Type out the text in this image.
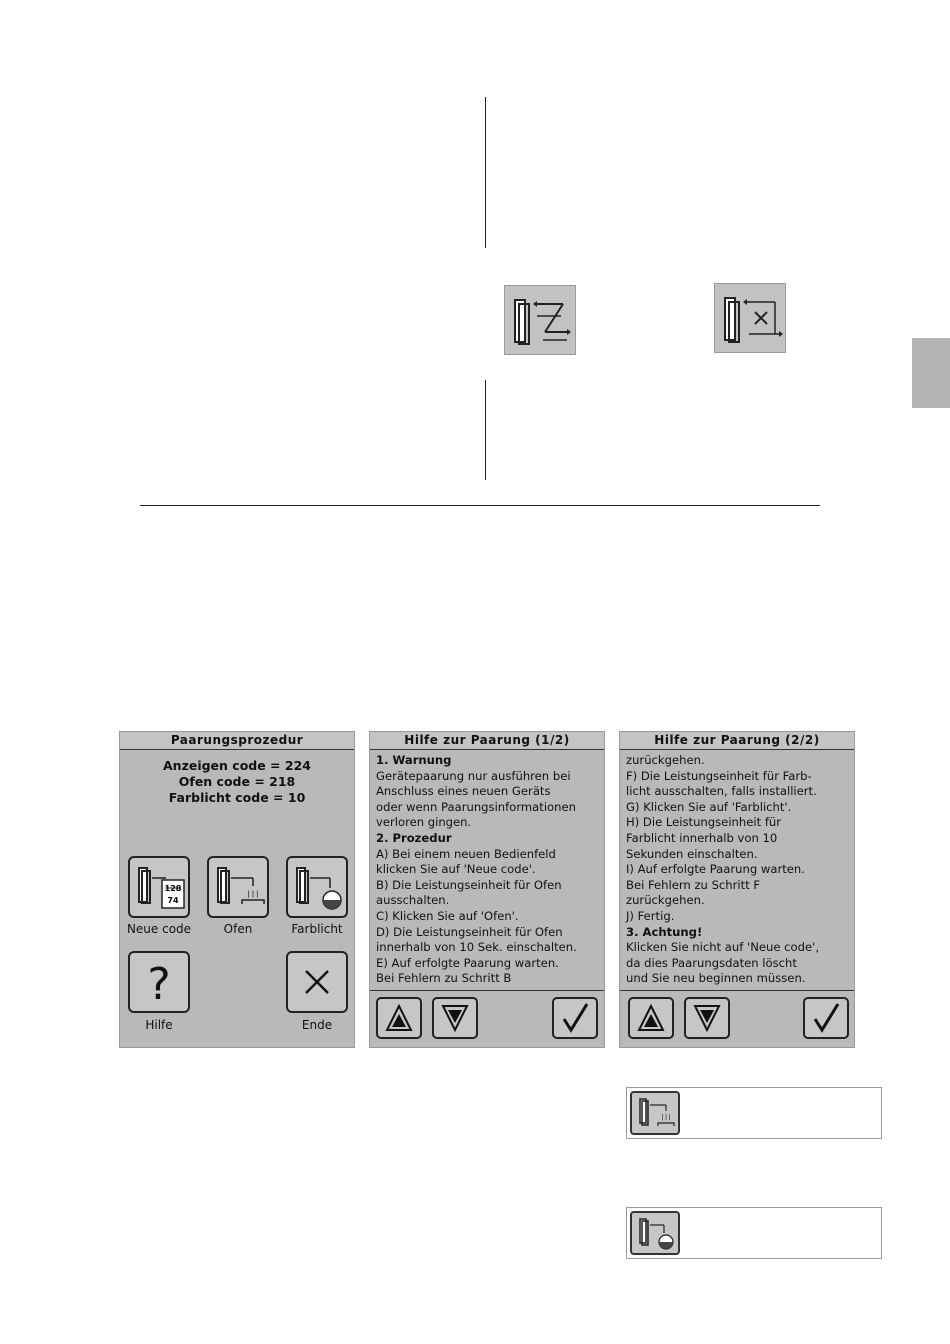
Paarungsprozedur
Anzeigen code = 224
Ofen code = 218
Farblicht code = 10
128
74
Neue code
|||
Ofen	Farblicht
?
Hilfe	Ende
Hilfe zur Paarung (1/2)

1. Warnung

Gerätepaarung nur ausführen bei

Anschluss eines neuen Geräts

oder wenn Paarungsinformationen

verloren gingen.

2. Prozedur

A) Bei einem neuen Bedienfeld

klicken Sie auf 'Neue code'.

B) Die Leistungseinheit für Ofen

ausschalten.

C) Klicken Sie auf 'Ofen'.

D) Die Leistungseinheit für Ofen

innerhalb von 10 Sek. einschalten.

E) Auf erfolgte Paarung warten.

Bei Fehlern zu Schritt B

Hilfe zur Paarung (2/2)

zurückgehen.

F) Die Leistungseinheit für Farb-

licht ausschalten, falls installiert.

G) Klicken Sie auf 'Farblicht'.

H) Die Leistungseinheit für

Farblicht innerhalb von 10

Sekunden einschalten.

I) Auf erfolgte Paarung warten.

Bei Fehlern zu Schritt F

zurückgehen.

J) Fertig.

3. Achtung!

Klicken Sie nicht auf 'Neue code',

da dies Paarungsdaten löscht

und Sie neu beginnen müssen.

|||
